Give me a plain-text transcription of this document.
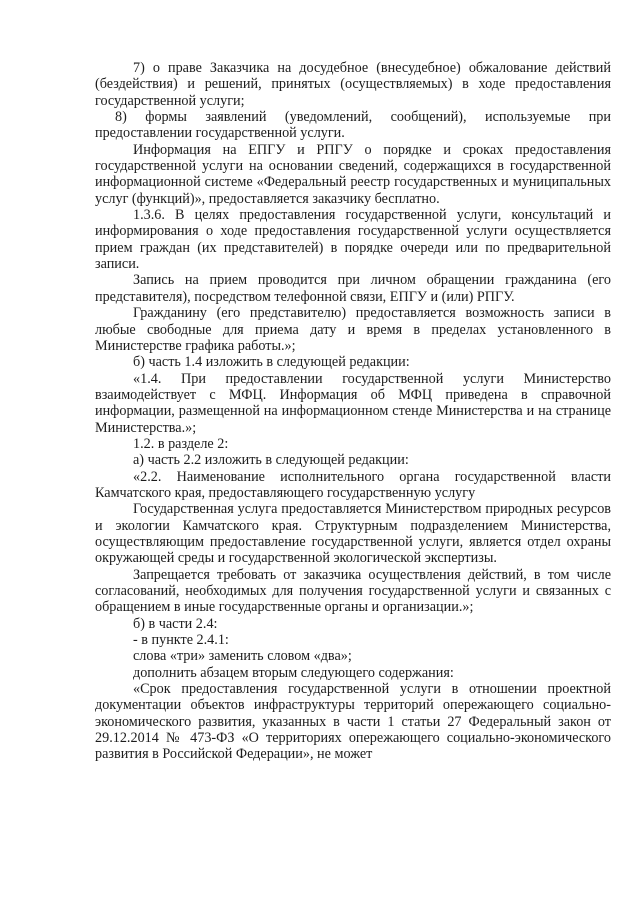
7) о праве Заказчика на досудебное (внесудебное) обжалование действий (бездействия) и решений, принятых (осуществляемых) в ходе предоставления государственной услуги;

8) формы заявлений (уведомлений, сообщений), используемые при предоставлении государственной услуги.

Информация на ЕПГУ и РПГУ о порядке и сроках предоставления государственной услуги на основании сведений, содержащихся в государственной информационной системе «Федеральный реестр государственных и муниципальных услуг (функций)», предоставляется заказчику бесплатно.

1.3.6. В целях предоставления государственной услуги, консультаций и информирования о ходе предоставления государственной услуги осуществляется прием граждан (их представителей) в порядке очереди или по предварительной записи.

Запись на прием проводится при личном обращении гражданина (его представителя), посредством телефонной связи, ЕПГУ и (или) РПГУ.

Гражданину (его представителю) предоставляется возможность записи в любые свободные для приема дату и время в пределах установленного в Министерстве графика работы.»;

б) часть 1.4 изложить в следующей редакции:

«1.4. При предоставлении государственной услуги Министерство взаимодействует с МФЦ. Информация об МФЦ приведена в справочной информации, размещенной на информационном стенде Министерства и на странице Министерства.»;

1.2. в разделе 2:

а) часть 2.2 изложить в следующей редакции:

«2.2. Наименование исполнительного органа государственной власти Камчатского края, предоставляющего государственную услугу

Государственная услуга предоставляется Министерством природных ресурсов и экологии Камчатского края. Структурным подразделением Министерства, осуществляющим предоставление государственной услуги, является отдел охраны окружающей среды и государственной экологической экспертизы.

Запрещается требовать от заказчика осуществления действий, в том числе согласований, необходимых для получения государственной услуги и связанных с обращением в иные государственные органы и организации.»;

б) в части 2.4:

- в пункте 2.4.1:

слова «три» заменить словом «два»;

дополнить абзацем вторым следующего содержания:

«Срок предоставления государственной услуги в отношении проектной документации объектов инфраструктуры территорий опережающего социально-экономического развития, указанных в части 1 статьи 27 Федеральный закон от 29.12.2014 № 473-ФЗ «О территориях опережающего социально-экономического развития в Российской Федерации», не может
